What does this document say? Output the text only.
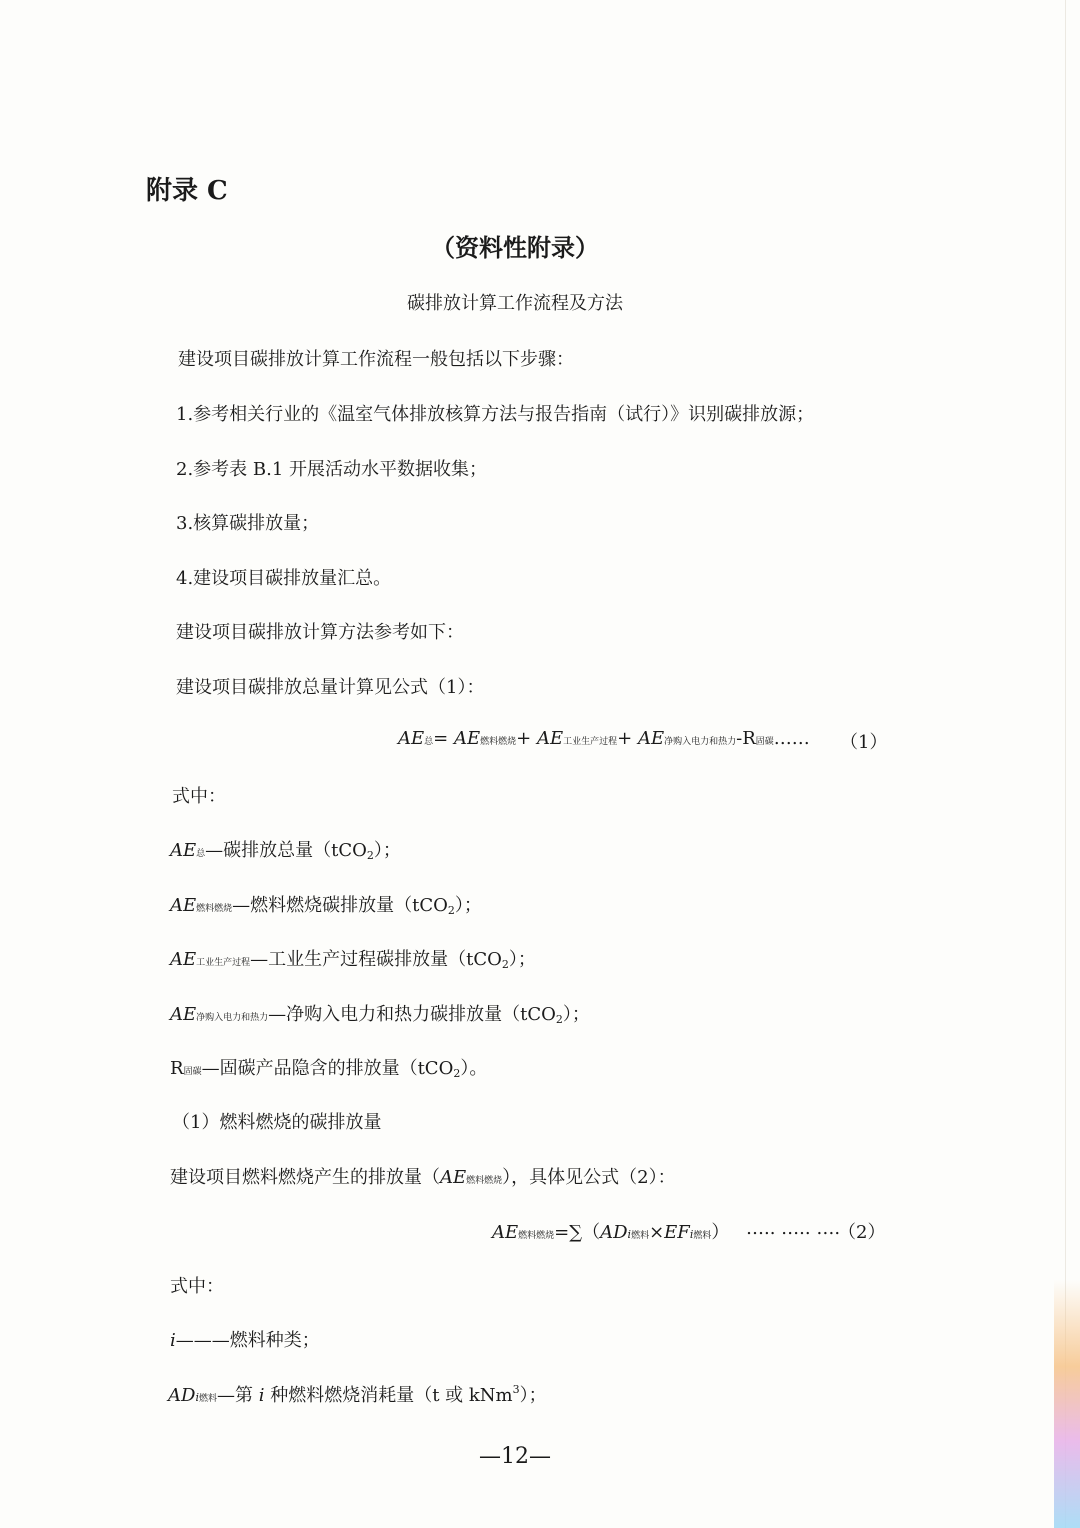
附录 C
（资料性附录）
碳排放计算工作流程及方法
建设项目碳排放计算工作流程一般包括以下步骤：
1.参考相关行业的《温室气体排放核算方法与报告指南（试行）》识别碳排放源；
2.参考表 B.1 开展活动水平数据收集；
3.核算碳排放量；
4.建设项目碳排放量汇总。
建设项目碳排放计算方法参考如下：
建设项目碳排放总量计算见公式（1）：
AE总= AE燃料燃烧+ AE工业生产过程+ AE净购入电力和热力-R固碳…… （1）
式中：
AE总—碳排放总量（tCO2）；
AE燃料燃烧—燃料燃烧碳排放量（tCO2）；
AE工业生产过程—工业生产过程碳排放量（tCO2）；
AE净购入电力和热力—净购入电力和热力碳排放量（tCO2）；
R固碳—固碳产品隐含的排放量（tCO2）。
（1）燃料燃烧的碳排放量
建设项目燃料燃烧产生的排放量（AE燃料燃烧），具体见公式（2）：
AE燃料燃烧=∑（ADi燃料×EFi燃料） ….. ….. ….
（2）
式中：
i———燃料种类；
ADi燃料—第 i 种燃料燃烧消耗量（t 或 kNm$^3$）；
—12—
